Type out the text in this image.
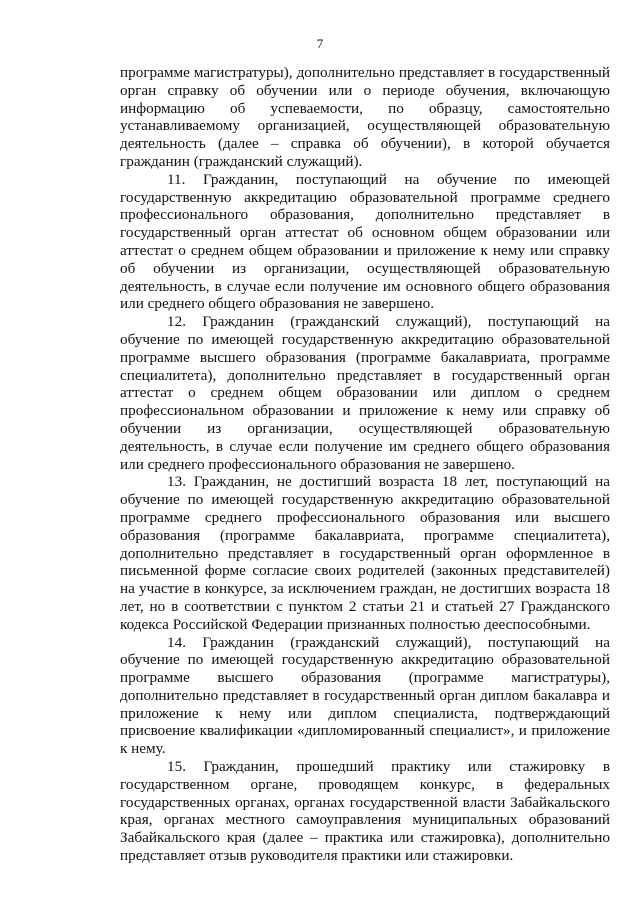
7

программе магистратуры), дополнительно представляет в государственный орган справку об обучении или о периоде обучения, включающую информацию об успеваемости, по образцу, самостоятельно устанавливаемому организацией, осуществляющей образовательную деятельность (далее – справка об обучении), в которой обучается гражданин (гражданский служащий).

11. Гражданин, поступающий на обучение по имеющей государственную аккредитацию образовательной программе среднего профессионального образования, дополнительно представляет в государственный орган аттестат об основном общем образовании или аттестат о среднем общем образовании и приложение к нему или справку об обучении из организации, осуществляющей образовательную деятельность, в случае если получение им основного общего образования или среднего общего образования не завершено.

12. Гражданин (гражданский служащий), поступающий на обучение по имеющей государственную аккредитацию образовательной программе высшего образования (программе бакалавриата, программе специалитета), дополнительно представляет в государственный орган аттестат о среднем общем образовании или диплом о среднем профессиональном образовании и приложение к нему или справку об обучении из организации, осуществляющей образовательную деятельность, в случае если получение им среднего общего образования или среднего профессионального образования не завершено.

13. Гражданин, не достигший возраста 18 лет, поступающий на обучение по имеющей государственную аккредитацию образовательной программе среднего профессионального образования или высшего образования (программе бакалавриата, программе специалитета), дополнительно представляет в государственный орган оформленное в письменной форме согласие своих родителей (законных представителей) на участие в конкурсе, за исключением граждан, не достигших возраста 18 лет, но в соответствии с пунктом 2 статьи 21 и статьей 27 Гражданского кодекса Российской Федерации признанных полностью дееспособными.

14. Гражданин (гражданский служащий), поступающий на обучение по имеющей государственную аккредитацию образовательной программе высшего образования (программе магистратуры), дополнительно представляет в государственный орган диплом бакалавра и приложение к нему или диплом специалиста, подтверждающий присвоение квалификации «дипломированный специалист», и приложение к нему.

15. Гражданин, прошедший практику или стажировку в государственном органе, проводящем конкурс, в федеральных государственных органах, органах государственной власти Забайкальского края, органах местного самоуправления муниципальных образований Забайкальского края (далее – практика или стажировка), дополнительно представляет отзыв руководителя практики или стажировки.
